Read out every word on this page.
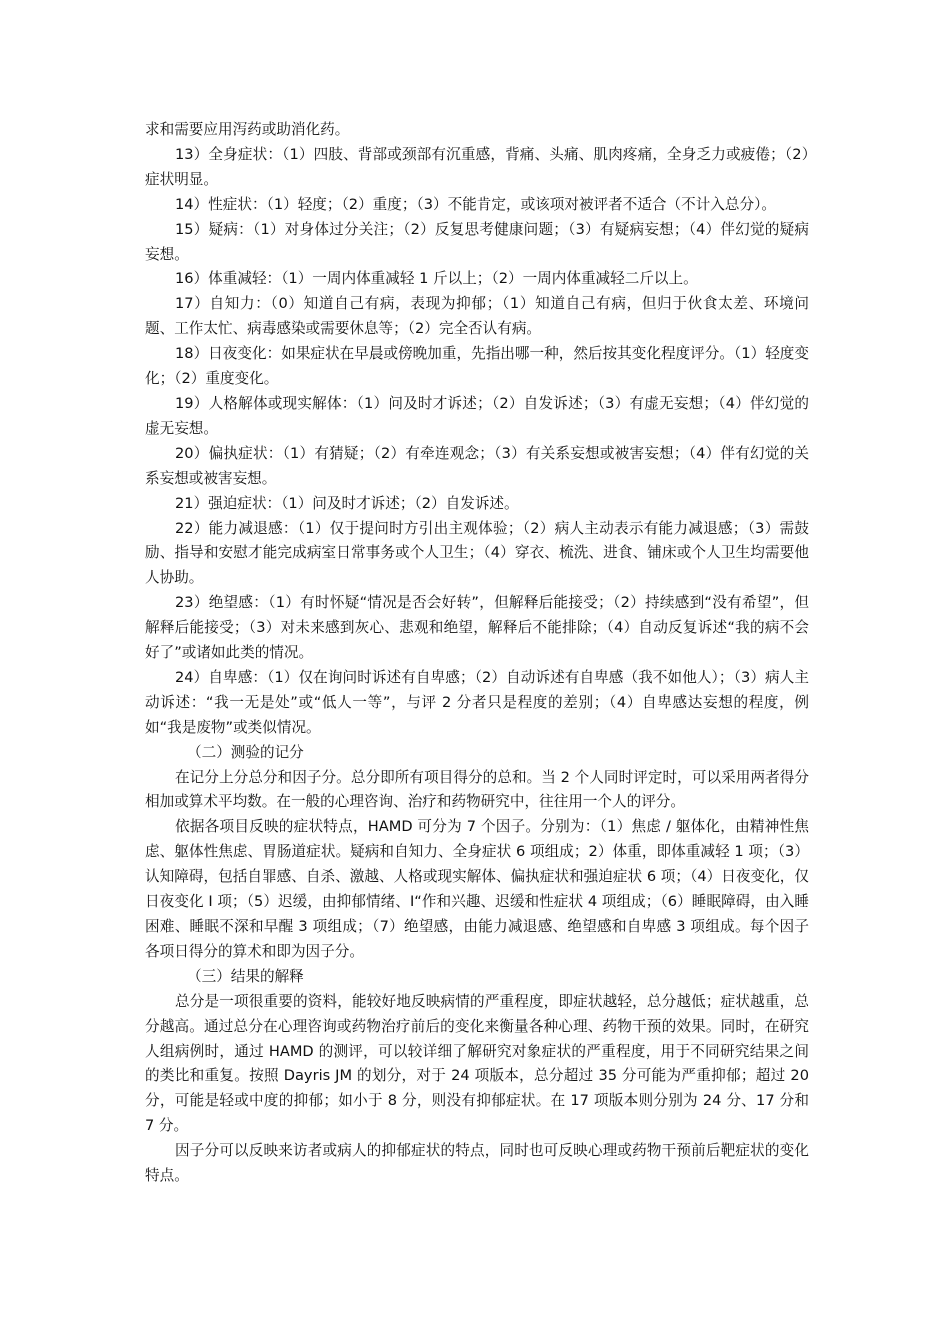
求和需要应用泻药或助消化药。

13）全身症状：（1）四肢、背部或颈部有沉重感，背痛、头痛、肌肉疼痛，全身乏力或疲倦；（2）症状明显。

14）性症状：（1）轻度；（2）重度；（3）不能肯定，或该项对被评者不适合（不计入总分）。

15）疑病：（1）对身体过分关注；（2）反复思考健康问题；（3）有疑病妄想；（4）伴幻觉的疑病妄想。

16）体重减轻：（1）一周内体重减轻 1 斤以上；（2）一周内体重减轻二斤以上。

17）自知力：（0）知道自己有病，表现为抑郁；（1）知道自己有病，但归于伙食太差、环境问题、工作太忙、病毒感染或需要休息等；（2）完全否认有病。

18）日夜变化：如果症状在早晨或傍晚加重，先指出哪一种，然后按其变化程度评分。（1）轻度变化；（2）重度变化。

19）人格解体或现实解体：（1）问及时才诉述；（2）自发诉述；（3）有虚无妄想；（4）伴幻觉的虚无妄想。

20）偏执症状：（1）有猜疑；（2）有牵连观念；（3）有关系妄想或被害妄想；（4）伴有幻觉的关系妄想或被害妄想。

21）强迫症状：（1）问及时才诉述；（2）自发诉述。

22）能力减退感：（1）仅于提问时方引出主观体验；（2）病人主动表示有能力减退感；（3）需鼓励、指导和安慰才能完成病室日常事务或个人卫生；（4）穿衣、梳洗、进食、铺床或个人卫生均需要他人协助。

23）绝望感：（1）有时怀疑“情况是否会好转”，但解释后能接受；（2）持续感到“没有希望”，但解释后能接受；（3）对未来感到灰心、悲观和绝望，解释后不能排除；（4）自动反复诉述“我的病不会好了”或诸如此类的情况。

24）自卑感：（1）仅在询问时诉述有自卑感；（2）自动诉述有自卑感（我不如他人）；（3）病人主动诉述：“我一无是处”或“低人一等”，与评 2 分者只是程度的差别；（4）自卑感达妄想的程度，例如“我是废物”或类似情况。

（二）测验的记分

在记分上分总分和因子分。总分即所有项目得分的总和。当 2 个人同时评定时，可以采用两者得分相加或算术平均数。在一般的心理咨询、治疗和药物研究中，往往用一个人的评分。

依据各项目反映的症状特点，HAMD 可分为 7 个因子。分别为：（1）焦虑 / 躯体化，由精神性焦虑、躯体性焦虑、胃肠道症状。疑病和自知力、全身症状 6 项组成；2）体重，即体重减轻 1 项；（3）认知障碍，包括自罪感、自杀、激越、人格或现实解体、偏执症状和强迫症状 6 项；（4）日夜变化，仅日夜变化 I 项；（5）迟缓，由抑郁情绪、I“作和兴趣、迟缓和性症状 4 项组成；（6）睡眠障碍，由入睡困难、睡眠不深和早醒 3 项组成；（7）绝望感，由能力减退感、绝望感和自卑感 3 项组成。每个因子各项日得分的算术和即为因子分。

（三）结果的解释

总分是一项很重要的资料，能较好地反映病情的严重程度，即症状越轻，总分越低；症状越重，总分越高。通过总分在心理咨询或药物治疗前后的变化来衡量各种心理、药物干预的效果。同时，在研究人组病例时，通过 HAMD 的测评，可以较详细了解研究对象症状的严重程度，用于不同研究结果之间的类比和重复。按照 Dayris JM 的划分，对于 24 项版本，总分超过 35 分可能为严重抑郁；超过 20 分，可能是轻或中度的抑郁；如小于 8 分，则没有抑郁症状。在 17 项版本则分别为 24 分、17 分和 7 分。

因子分可以反映来访者或病人的抑郁症状的特点，同时也可反映心理或药物干预前后靶症状的变化特点。
